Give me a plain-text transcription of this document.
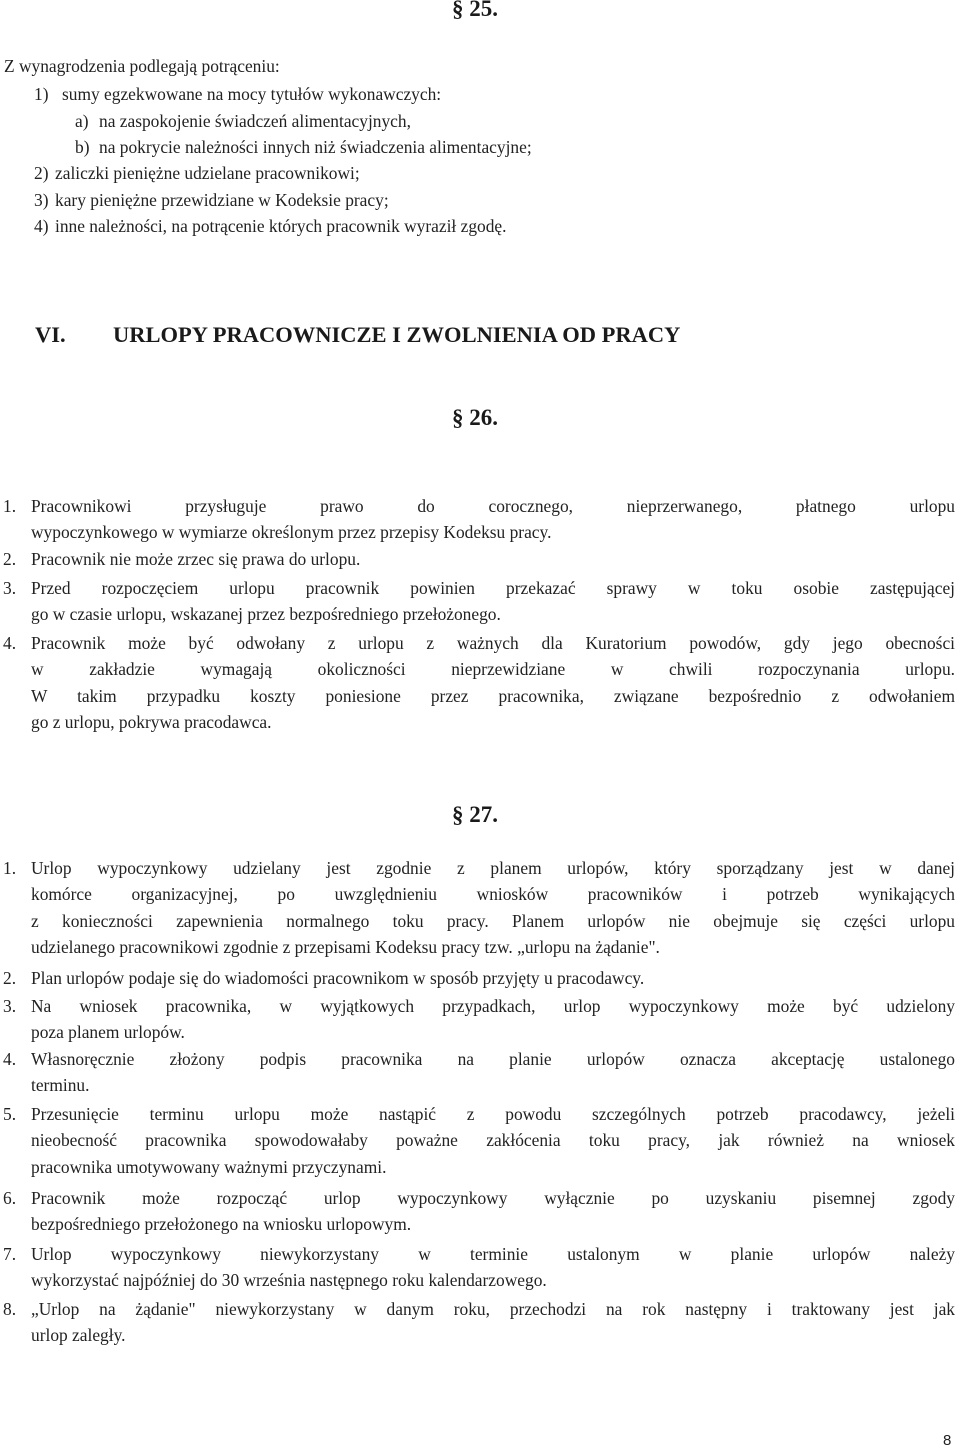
§ 25.
Z wynagrodzenia podlegają potrąceniu:
1) sumy egzekwowane na mocy tytułów wykonawczych:
a) na zaspokojenie świadczeń alimentacyjnych,
b) na pokrycie należności innych niż świadczenia alimentacyjne;
2) zaliczki pieniężne udzielane pracownikowi;
3) kary pieniężne przewidziane w Kodeksie pracy;
4) inne należności, na potrącenie których pracownik wyraził zgodę.
VI. URLOPY PRACOWNICZE I ZWOLNIENIA OD PRACY
§ 26.
1. Pracownikowi przysługuje prawo do corocznego, nieprzerwanego, płatnego urlopu
wypoczynkowego w wymiarze określonym przez przepisy Kodeksu pracy.
2. Pracownik nie może zrzec się prawa do urlopu.
3. Przed rozpoczęciem urlopu pracownik powinien przekazać sprawy w toku osobie zastępującej
go w czasie urlopu, wskazanej przez bezpośredniego przełożonego.
4. Pracownik może być odwołany z urlopu z ważnych dla Kuratorium powodów, gdy jego obecności
w zakładzie wymagają okoliczności nieprzewidziane w chwili rozpoczynania urlopu.
W takim przypadku koszty poniesione przez pracownika, związane bezpośrednio z odwołaniem
go z urlopu, pokrywa pracodawca.
§ 27.
1. Urlop wypoczynkowy udzielany jest zgodnie z planem urlopów, który sporządzany jest w danej
komórce organizacyjnej, po uwzględnieniu wniosków pracowników i potrzeb wynikających
z konieczności zapewnienia normalnego toku pracy. Planem urlopów nie obejmuje się części urlopu
udzielanego pracownikowi zgodnie z przepisami Kodeksu pracy tzw. „urlopu na żądanie".
2. Plan urlopów podaje się do wiadomości pracownikom w sposób przyjęty u pracodawcy.
3. Na wniosek pracownika, w wyjątkowych przypadkach, urlop wypoczynkowy może być udzielony
poza planem urlopów.
4. Własnoręcznie złożony podpis pracownika na planie urlopów oznacza akceptację ustalonego
terminu.
5. Przesunięcie terminu urlopu może nastąpić z powodu szczególnych potrzeb pracodawcy, jeżeli
nieobecność pracownika spowodowałaby poważne zakłócenia toku pracy, jak również na wniosek
pracownika umotywowany ważnymi przyczynami.
6. Pracownik może rozpocząć urlop wypoczynkowy wyłącznie po uzyskaniu pisemnej zgody
bezpośredniego przełożonego na wniosku urlopowym.
7. Urlop wypoczynkowy niewykorzystany w terminie ustalonym w planie urlopów należy
wykorzystać najpóźniej do 30 września następnego roku kalendarzowego.
8. „Urlop na żądanie" niewykorzystany w danym roku, przechodzi na rok następny i traktowany jest jak
urlop zaległy.
8
